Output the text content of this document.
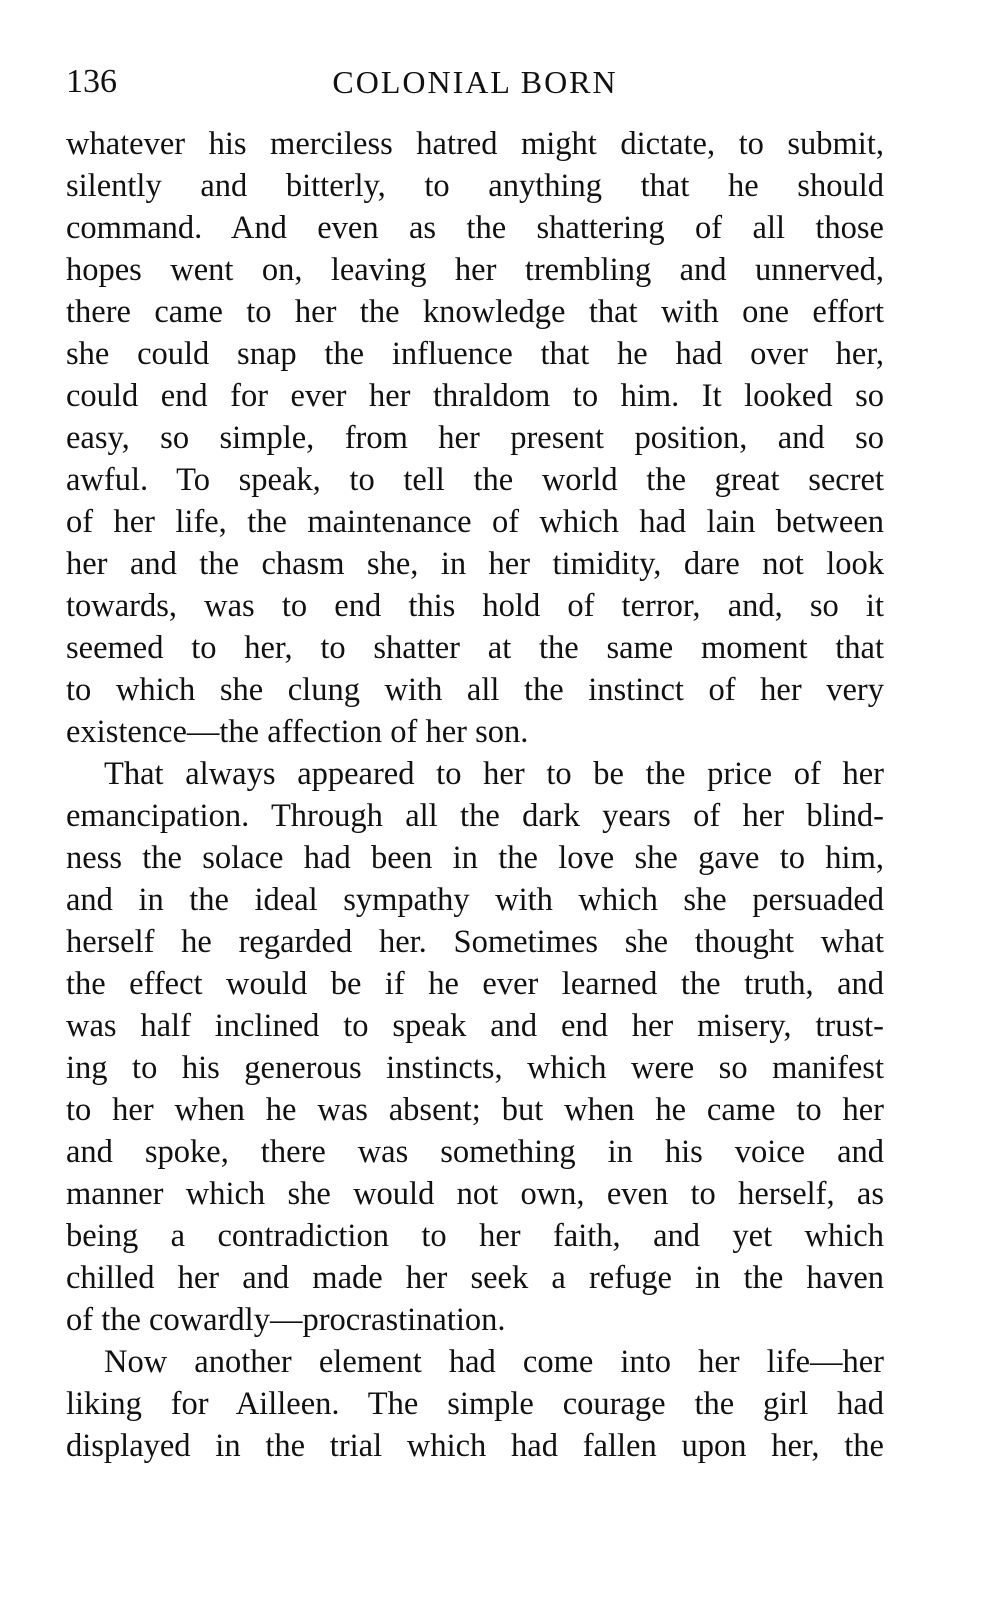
136	COLONIAL BORN
whatever his merciless hatred might dictate, to submit,
silently and bitterly, to anything that he should
command. And even as the shattering of all those
hopes went on, leaving her trembling and unnerved,
there came to her the knowledge that with one effort
she could snap the influence that he had over her,
could end for ever her thraldom to him. It looked so
easy, so simple, from her present position, and so
awful. To speak, to tell the world the great secret
of her life, the maintenance of which had lain between
her and the chasm she, in her timidity, dare not look
towards, was to end this hold of terror, and, so it
seemed to her, to shatter at the same moment that
to which she clung with all the instinct of her very
existence—the affection of her son.
That always appeared to her to be the price of her
emancipation. Through all the dark years of her blind-
ness the solace had been in the love she gave to him,
and in the ideal sympathy with which she persuaded
herself he regarded her. Sometimes she thought what
the effect would be if he ever learned the truth, and
was half inclined to speak and end her misery, trust-
ing to his generous instincts, which were so manifest
to her when he was absent; but when he came to her
and spoke, there was something in his voice and
manner which she would not own, even to herself, as
being a contradiction to her faith, and yet which
chilled her and made her seek a refuge in the haven
of the cowardly—procrastination.
Now another element had come into her life—her
liking for Ailleen. The simple courage the girl had
displayed in the trial which had fallen upon her, the
